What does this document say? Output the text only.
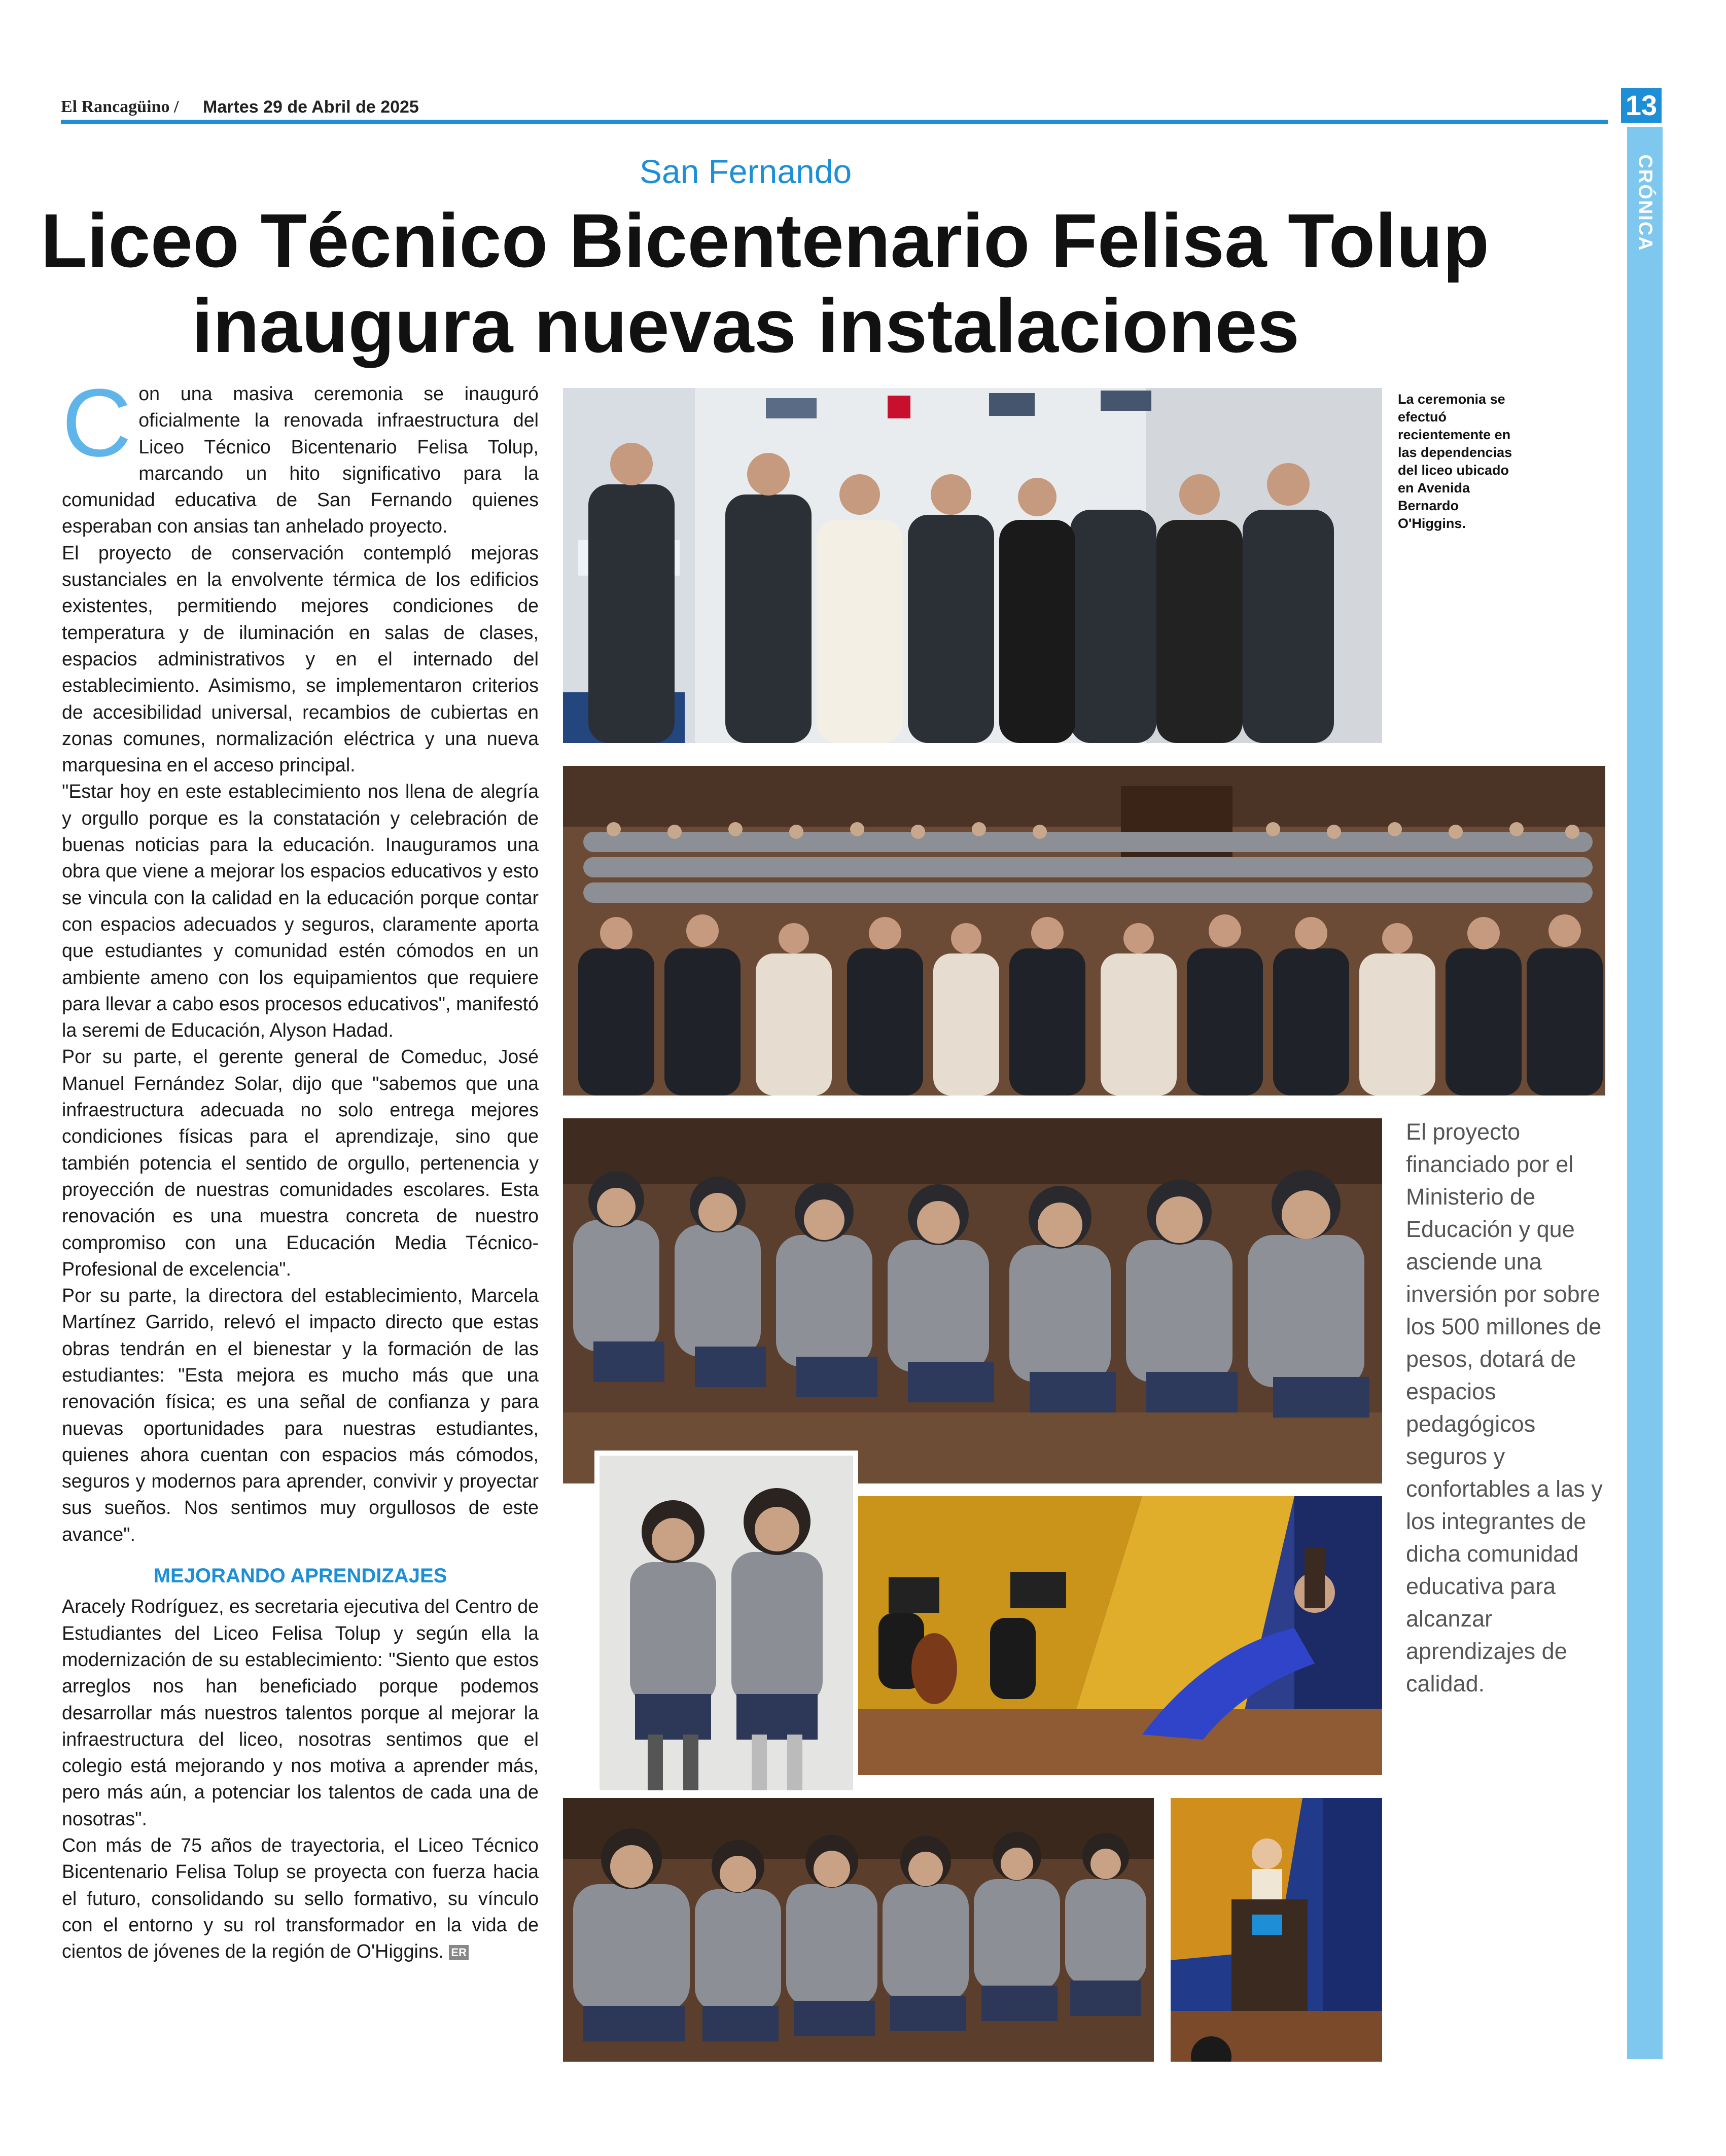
El Rancagüino / Martes 29 de Abril de 2025	13
CRÓNICA
San Fernando
Liceo Técnico Bicentenario Felisa Tolup
inaugura nuevas instalaciones
C on una masiva ceremonia se inauguró oficialmente la renovada infraestructura del Liceo Técnico Bicentenario Felisa Tolup, marcando un hito significativo para la comunidad educativa de San Fernando quienes esperaban con ansias tan anhelado proyecto.

El proyecto de conservación contempló mejoras sustanciales en la envolvente térmica de los edificios existentes, permitiendo mejores condiciones de temperatura y de iluminación en salas de clases, espacios administrativos y en el internado del establecimiento. Asimismo, se implementaron criterios de accesibilidad universal, recambios de cubiertas en zonas comunes, normalización eléctrica y una nueva marquesina en el acceso principal.

"Estar hoy en este establecimiento nos llena de alegría y orgullo porque es la constatación y celebración de buenas noticias para la educación. Inauguramos una obra que viene a mejorar los espacios educativos y esto se vincula con la calidad en la educación porque contar con espacios adecuados y seguros, claramente aporta que estudiantes y comunidad estén cómodos en un ambiente ameno con los equipamientos que requiere para llevar a cabo esos procesos educativos", manifestó la seremi de Educación, Alyson Hadad.

Por su parte, el gerente general de Comeduc, José Manuel Fernández Solar, dijo que "sabemos que una infraestructura adecuada no solo entrega mejores condiciones físicas para el aprendizaje, sino que también potencia el sentido de orgullo, pertenencia y proyección de nuestras comunidades escolares. Esta renovación es una muestra concreta de nuestro compromiso con una Educación Media Técnico-Profesional de excelencia".

Por su parte, la directora del establecimiento, Marcela Martínez Garrido, relevó el impacto directo que estas obras tendrán en el bienestar y la formación de las estudiantes: "Esta mejora es mucho más que una renovación física; es una señal de confianza y para nuevas oportunidades para nuestras estudiantes, quienes ahora cuentan con espacios más cómodos, seguros y modernos para aprender, convivir y proyectar sus sueños. Nos sentimos muy orgullosos de este avance".

MEJORANDO APRENDIZAJES

Aracely Rodríguez, es secretaria ejecutiva del Centro de Estudiantes del Liceo Felisa Tolup y según ella la modernización de su establecimiento: "Siento que estos arreglos nos han beneficiado porque podemos desarrollar más nuestros talentos porque al mejorar la infraestructura del liceo, nosotras sentimos que el colegio está mejorando y nos motiva a aprender más, pero más aún, a potenciar los talentos de cada una de nosotras".

Con más de 75 años de trayectoria, el Liceo Técnico Bicentenario Felisa Tolup se proyecta con fuerza hacia el futuro, consolidando su sello formativo, su vínculo con el entorno y su rol transformador en la vida de cientos de jóvenes de la región de O'Higgins. ER

La ceremonia se efectuó recientemente en las dependencias del liceo ubicado en Avenida Bernardo O'Higgins.
El proyecto financiado por el Ministerio de Educación y que asciende una inversión por sobre los 500 millones de pesos, dotará de espacios pedagógicos seguros y confortables a las y los integrantes de dicha comunidad educativa para alcanzar aprendizajes de calidad.
